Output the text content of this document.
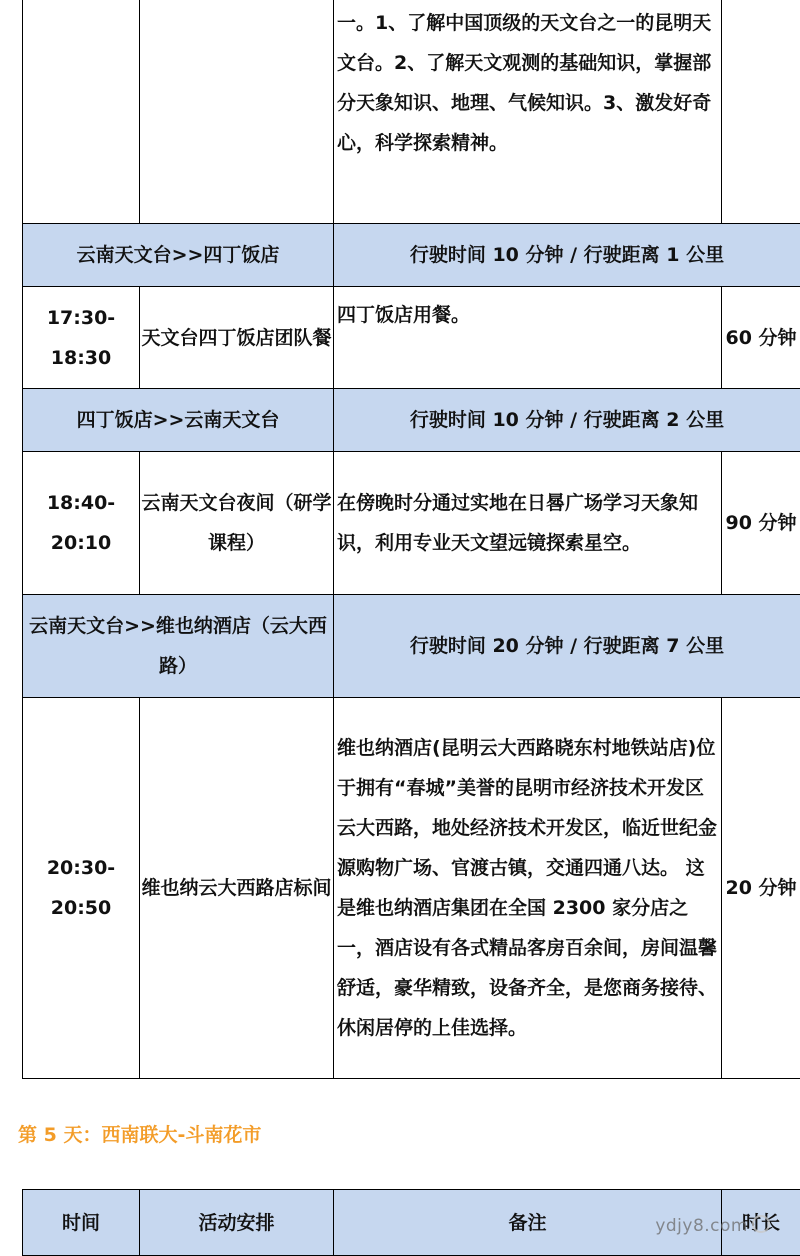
		一。1、了解中国顶级的天文台之一的昆明天文台。2、了解天文观测的基础知识，掌握部分天象知识、地理、气候知识。3、激发好奇心，科学探索精神。	
云南天文台>>四丁饭店		行驶时间 10 分钟 / 行驶距离 1 公里	
17:30-18:30	天文台四丁饭店团队餐	四丁饭店用餐。	60 分钟
四丁饭店>>云南天文台		行驶时间 10 分钟 / 行驶距离 2 公里	
18:40-20:10	云南天文台夜间（研学课程）	在傍晚时分通过实地在日晷广场学习天象知识，利用专业天文望远镜探索星空。	90 分钟
云南天文台>>维也纳酒店（云大西路）		行驶时间 20 分钟 / 行驶距离 7 公里	
20:30-20:50	维也纳云大西路店标间	维也纳酒店(昆明云大西路晓东村地铁站店)位于拥有“春城”美誉的昆明市经济技术开发区云大西路，地处经济技术开发区，临近世纪金源购物广场、官渡古镇，交通四通八达。 这是维也纳酒店集团在全国 2300 家分店之一，酒店设有各式精品客房百余间，房间温馨舒适，豪华精致，设备齐全，是您商务接待、休闲居停的上佳选择。	20 分钟
第 5 天：西南联大-斗南花市
时间	活动安排	备注	时长
ydjy8.com
